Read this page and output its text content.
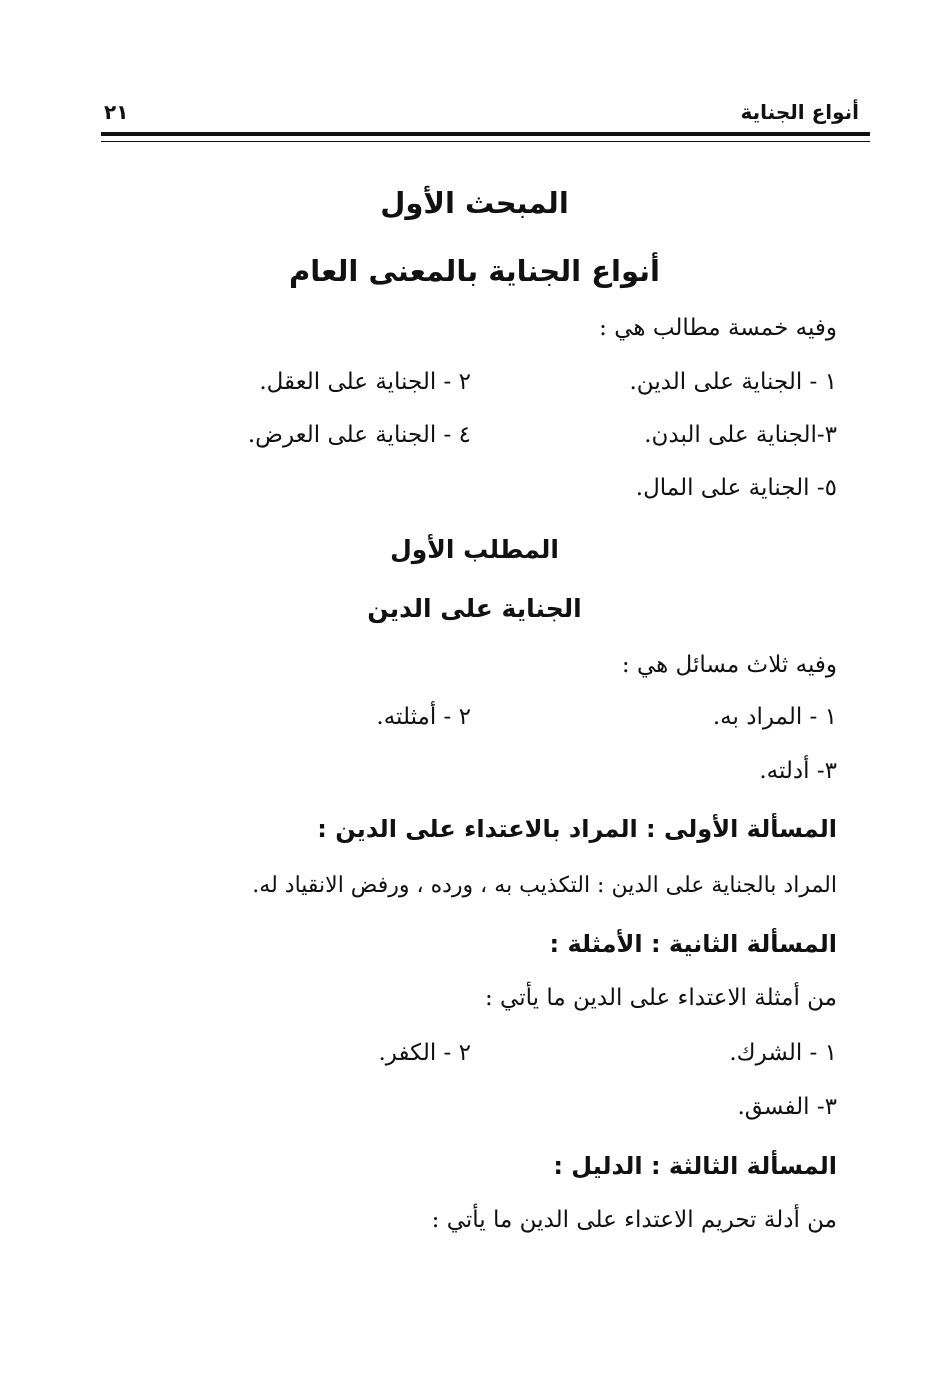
أنواع الجناية
٢١
المبحث الأول
أنواع الجناية بالمعنى العام
وفيه خمسة مطالب هي :
١ - الجناية على الدين.
٢ - الجناية على العقل.
٣-الجناية على البدن.
٤ - الجناية على العرض.
٥- الجناية على المال.
المطلب الأول
الجناية على الدين
وفيه ثلاث مسائل هي :
١ - المراد به.
٢ - أمثلته.
٣- أدلته.
المسألة الأولى : المراد بالاعتداء على الدين :
المراد بالجناية على الدين : التكذيب به ، ورده ، ورفض الانقياد له.
المسألة الثانية : الأمثلة :
من أمثلة الاعتداء على الدين ما يأتي :
١ - الشرك.
٢ - الكفر.
٣- الفسق.
المسألة الثالثة : الدليل :
من أدلة تحريم الاعتداء على الدين ما يأتي :
